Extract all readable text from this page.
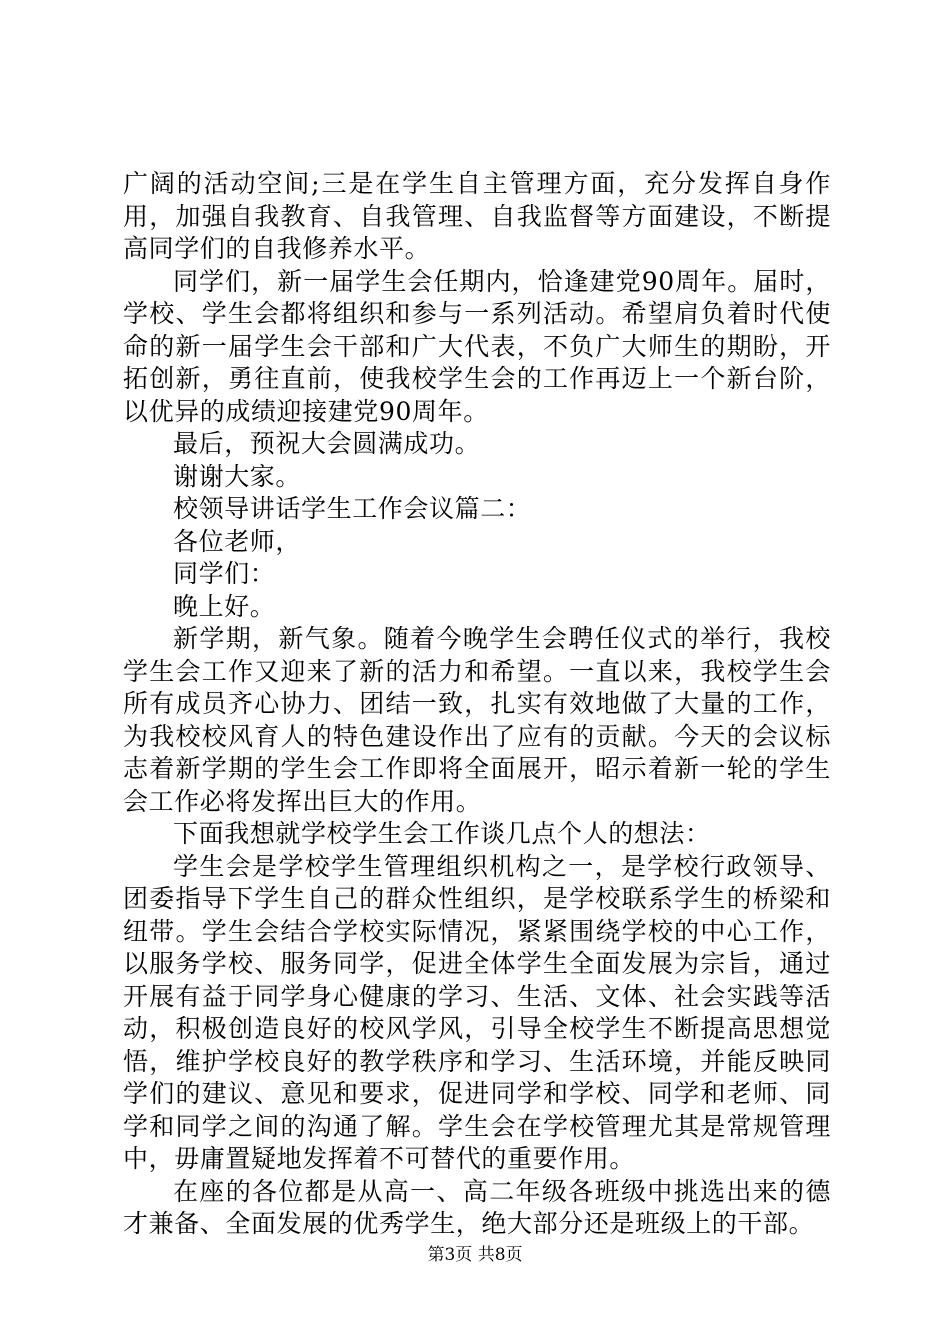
广阔的活动空间;三是在学生自主管理方面，充分发挥自身作用，加强自我教育、自我管理、自我监督等方面建设，不断提高同学们的自我修养水平。

同学们，新一届学生会任期内，恰逢建党90周年。届时，学校、学生会都将组织和参与一系列活动。希望肩负着时代使命的新一届学生会干部和广大代表，不负广大师生的期盼，开拓创新，勇往直前，使我校学生会的工作再迈上一个新台阶，以优异的成绩迎接建党90周年。

最后，预祝大会圆满成功。

谢谢大家。

校领导讲话学生工作会议篇二：

各位老师，

同学们：

晚上好。

新学期，新气象。随着今晚学生会聘任仪式的举行，我校学生会工作又迎来了新的活力和希望。一直以来，我校学生会所有成员齐心协力、团结一致，扎实有效地做了大量的工作，为我校校风育人的特色建设作出了应有的贡献。今天的会议标志着新学期的学生会工作即将全面展开，昭示着新一轮的学生会工作必将发挥出巨大的作用。

下面我想就学校学生会工作谈几点个人的想法：

学生会是学校学生管理组织机构之一，是学校行政领导、团委指导下学生自己的群众性组织，是学校联系学生的桥梁和纽带。学生会结合学校实际情况，紧紧围绕学校的中心工作，以服务学校、服务同学，促进全体学生全面发展为宗旨，通过开展有益于同学身心健康的学习、生活、文体、社会实践等活动，积极创造良好的校风学风，引导全校学生不断提高思想觉悟，维护学校良好的教学秩序和学习、生活环境，并能反映同学们的建议、意见和要求，促进同学和学校、同学和老师、同学和同学之间的沟通了解。学生会在学校管理尤其是常规管理中，毋庸置疑地发挥着不可替代的重要作用。

在座的各位都是从高一、高二年级各班级中挑选出来的德才兼备、全面发展的优秀学生，绝大部分还是班级上的干部。

第3页 共8页
